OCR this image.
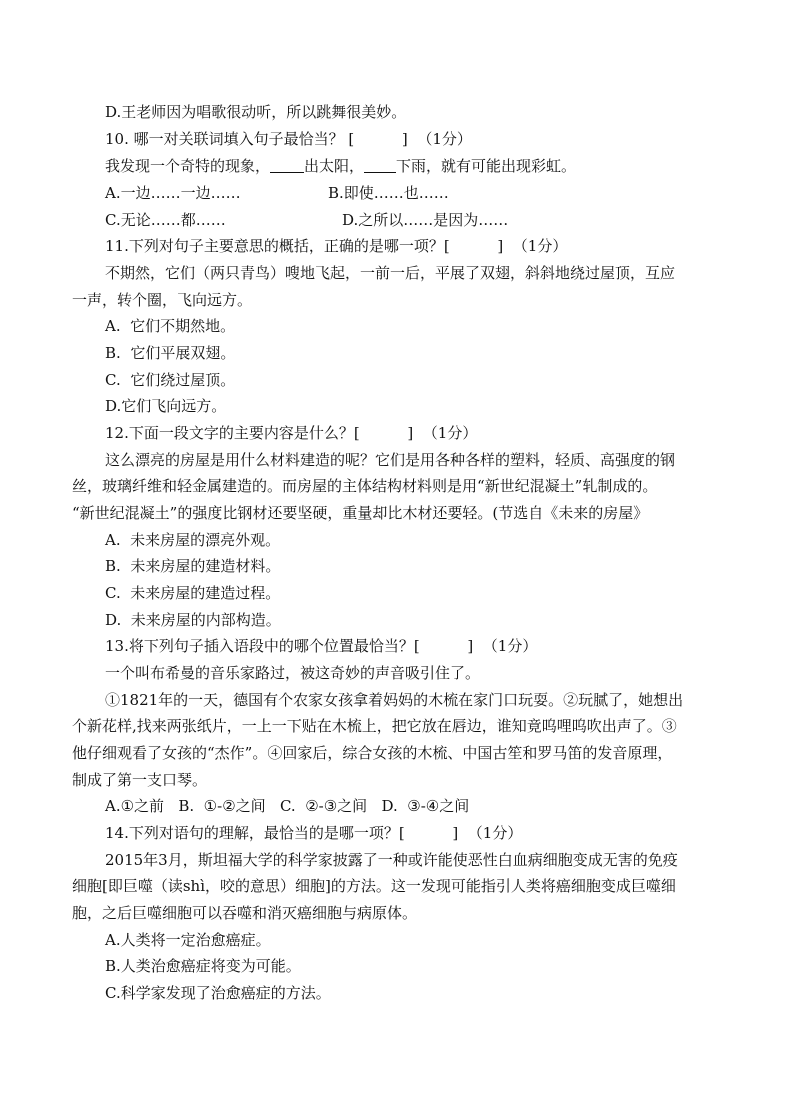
D.王老师因为唱歌很动听，所以跳舞很美妙。
10. 哪一对关联词填入句子最恰当？ [          ]  （1分）
我发现一个奇特的现象， 出太阳， 下雨，就有可能出现彩虹。
A.一边……一边……	B.即使……也……
C.无论……都……	D.之所以……是因为……
11.下列对句子主要意思的概括，正确的是哪一项？[          ]  （1分）
不期然，它们（两只青鸟）嗖地飞起，一前一后，平展了双翅，斜斜地绕过屋顶，互应
一声，转个圈，飞向远方。
A.  它们不期然地。
B.  它们平展双翅。
C.  它们绕过屋顶。
D.它们飞向远方。
12.下面一段文字的主要内容是什么？[          ]  （1分）
这么漂亮的房屋是用什么材料建造的呢？它们是用各种各样的塑料，轻质、高强度的钢
丝，玻璃纤维和轻金属建造的。而房屋的主体结构材料则是用“新世纪混凝土”轧制成的。
“新世纪混凝土”的强度比钢材还要坚硬，重量却比木材还要轻。(节选自《未来的房屋》
A.  未来房屋的漂亮外观。
B.  未来房屋的建造材料。
C.  未来房屋的建造过程。
D.  未来房屋的内部构造。
13.将下列句子插入语段中的哪个位置最恰当？[          ]  （1分）
一个叫布希曼的音乐家路过，被这奇妙的声音吸引住了。
①1821年的一天，德国有个农家女孩拿着妈妈的木梳在家门口玩耍。②玩腻了，她想出
个新花样,找来两张纸片，一上一下贴在木梳上，把它放在唇边，谁知竟呜哩呜吹出声了。③
他仔细观看了女孩的“杰作”。④回家后，综合女孩的木梳、中国古笙和罗马笛的发音原理，
制成了第一支口琴。
A.①之前   B.  ①-②之间   C.  ②-③之间   D.  ③-④之间
14.下列对语句的理解，最恰当的是哪一项？[          ]  （1分）
2015年3月，斯坦福大学的科学家披露了一种或许能使恶性白血病细胞变成无害的免疫
细胞[即巨噬（读shì，咬的意思）细胞]的方法。这一发现可能指引人类将癌细胞变成巨噬细
胞，之后巨噬细胞可以吞噬和消灭癌细胞与病原体。
A.人类将一定治愈癌症。
B.人类治愈癌症将变为可能。
C.科学家发现了治愈癌症的方法。
